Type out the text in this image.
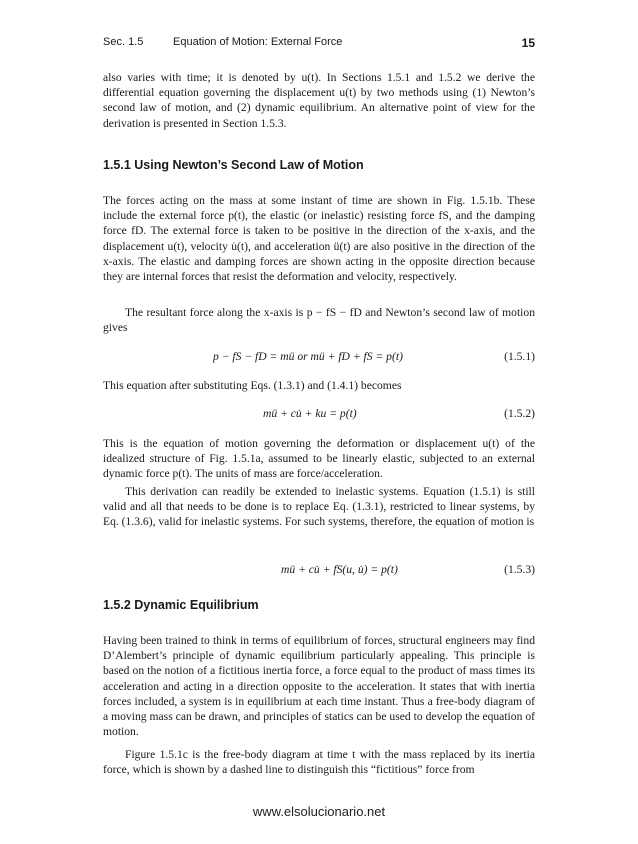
Sec. 1.5	Equation of Motion: External Force	15

also varies with time; it is denoted by u(t). In Sections 1.5.1 and 1.5.2 we derive the differential equation governing the displacement u(t) by two methods using (1) Newton’s second law of motion, and (2) dynamic equilibrium. An alternative point of view for the derivation is presented in Section 1.5.3.

1.5.1 Using Newton’s Second Law of Motion

The forces acting on the mass at some instant of time are shown in Fig. 1.5.1b. These include the external force p(t), the elastic (or inelastic) resisting force fS, and the damping force fD. The external force is taken to be positive in the direction of the x-axis, and the displacement u(t), velocity u̇(t), and acceleration ü(t) are also positive in the direction of the x-axis. The elastic and damping forces are shown acting in the opposite direction because they are internal forces that resist the deformation and velocity, respectively.

The resultant force along the x-axis is p − fS − fD and Newton’s second law of motion gives

p − fS − fD = mü or mü + fD + fS = p(t)	(1.5.1)

This equation after substituting Eqs. (1.3.1) and (1.4.1) becomes

mü + cu̇ + ku = p(t)	(1.5.2)

This is the equation of motion governing the deformation or displacement u(t) of the idealized structure of Fig. 1.5.1a, assumed to be linearly elastic, subjected to an external dynamic force p(t). The units of mass are force/acceleration.

This derivation can readily be extended to inelastic systems. Equation (1.5.1) is still valid and all that needs to be done is to replace Eq. (1.3.1), restricted to linear systems, by Eq. (1.3.6), valid for inelastic systems. For such systems, therefore, the equation of motion is

mü + cu̇ + fS(u, u̇) = p(t)	(1.5.3)
1.5.2 Dynamic Equilibrium

Having been trained to think in terms of equilibrium of forces, structural engineers may find D’Alembert’s principle of dynamic equilibrium particularly appealing. This principle is based on the notion of a fictitious inertia force, a force equal to the product of mass times its acceleration and acting in a direction opposite to the acceleration. It states that with inertia forces included, a system is in equilibrium at each time instant. Thus a free-body diagram of a moving mass can be drawn, and principles of statics can be used to develop the equation of motion.

Figure 1.5.1c is the free-body diagram at time t with the mass replaced by its inertia force, which is shown by a dashed line to distinguish this “fictitious” force from

www.elsolucionario.net
